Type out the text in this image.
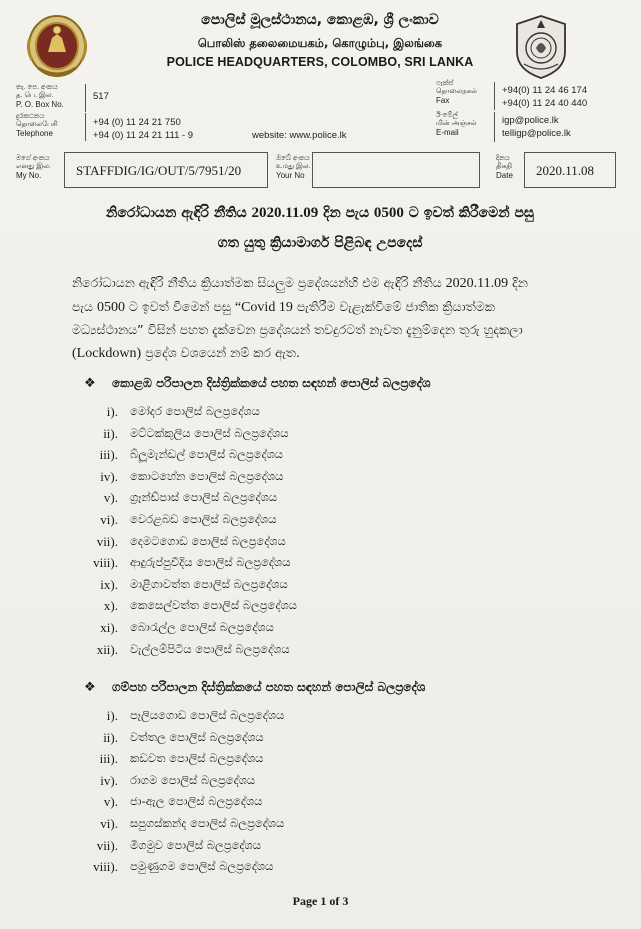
පොලිස් මූලස්ථානය, කොළඹ, ශ්‍රී ලංකාව
பொலிஸ் தலைமையகம், கொழும்பு, இலங்கை
POLICE HEADQUARTERS, COLOMBO, SRI LANKA
තැ. පෙ. අංකය
த. பெ. இல.
P. O. Box No.
517
දුරකථනය
தொலைபேசி
Telephone
+94 (0) 11 24 21 750
+94 (0) 11 24 21 111 - 9	website: www.police.lk
ෆැක්ස්
தொலைநகல்
Fax
+94(0) 11 24 46 174
+94(0) 11 24 40 440
ඊ-මේල්
மின் அஞ்சல்
E-mail
igp@police.lk
telligp@police.lk
මගේ අංකය
எனது இல.
My No.	STAFFDIG/IG/OUT/5/7951/20
ඔබේ අංකය
உமது இல.
Your No
දිනය
திகதி
Date 2020.11.08
නිරෝධායන ඇඳිරි නීතිය 2020.11.09 දින පැය 0500 ට ඉවත් කිරීමෙන් පසු
ගත යුතු ක්‍රියාමාර්ග පිළිබඳ උපදෙස්
නිරෝධායන ඇඳිරි නීතිය ක්‍රියාත්මක සියලුම ප්‍රදේශයන්හි එම ඇඳිරි නීතිය 2020.11.09 දින
පැය 0500 ට ඉවත් වීමෙන් පසු “Covid 19 පැතිරීම වැළැක්වීමේ ජාතික ක්‍රියාත්මක
මධ්‍යස්ථානය” විසින් පහත දැක්වෙන ප්‍රදේශයන් තවදුරටත් නැවත දැනුම්දෙන තුරු හුදකලා
(Lockdown) ප්‍රදේශ වශයෙන් නම් කර ඇත.
❖ කොළඹ පරිපාලන දිස්ත්‍රික්කයේ පහත සඳහන් පොලිස් බලප්‍රදේශ
i). මෝදර පොලිස් බලප්‍රදේශය
ii). මට්ටක්කුලිය පොලිස් බලප්‍රදේශය
iii). බ්ලූමැන්ඩල් පොලිස් බලප්‍රදේශය
iv). කොටහේන පොලිස් බලප්‍රදේශය
v). ග්‍රෑන්ඩ්පාස් පොලිස් බලප්‍රදේශය
vi). වෙරළබඩ පොලිස් බලප්‍රදේශය
vii). දෙමටගොඩ පොලිස් බලප්‍රදේශය
viii). ආදුරුප්පුවීදිය පොලිස් බලප්‍රදේශය
ix). මාළිගාවත්ත පොලිස් බලප්‍රදේශය
x). කෙසෙල්වත්ත පොලිස් බලප්‍රදේශය
xi). බොරැල්ල පොලිස් බලප්‍රදේශය
xii). වැල්ලම්පිටිය පොලිස් බලප්‍රදේශය
❖ ගම්පහ පරිපාලන දිස්ත්‍රික්කයේ පහත සඳහන් පොලිස් බලප්‍රදේශ
i). පෑලියගොඩ පොලිස් බලප්‍රදේශය
ii). වත්තල පොලිස් බලප්‍රදේශය
iii). කඩවත පොලිස් බලප්‍රදේශය
iv). රාගම පොලිස් බලප්‍රදේශය
v). ජා-ඇල පොලිස් බලප්‍රදේශය
vi). සපුගස්කන්ද පොලිස් බලප්‍රදේශය
vii). මීගමුව පොලිස් බලප්‍රදේශය
viii). පමුණුගම පොලිස් බලප්‍රදේශය
Page 1 of 3
